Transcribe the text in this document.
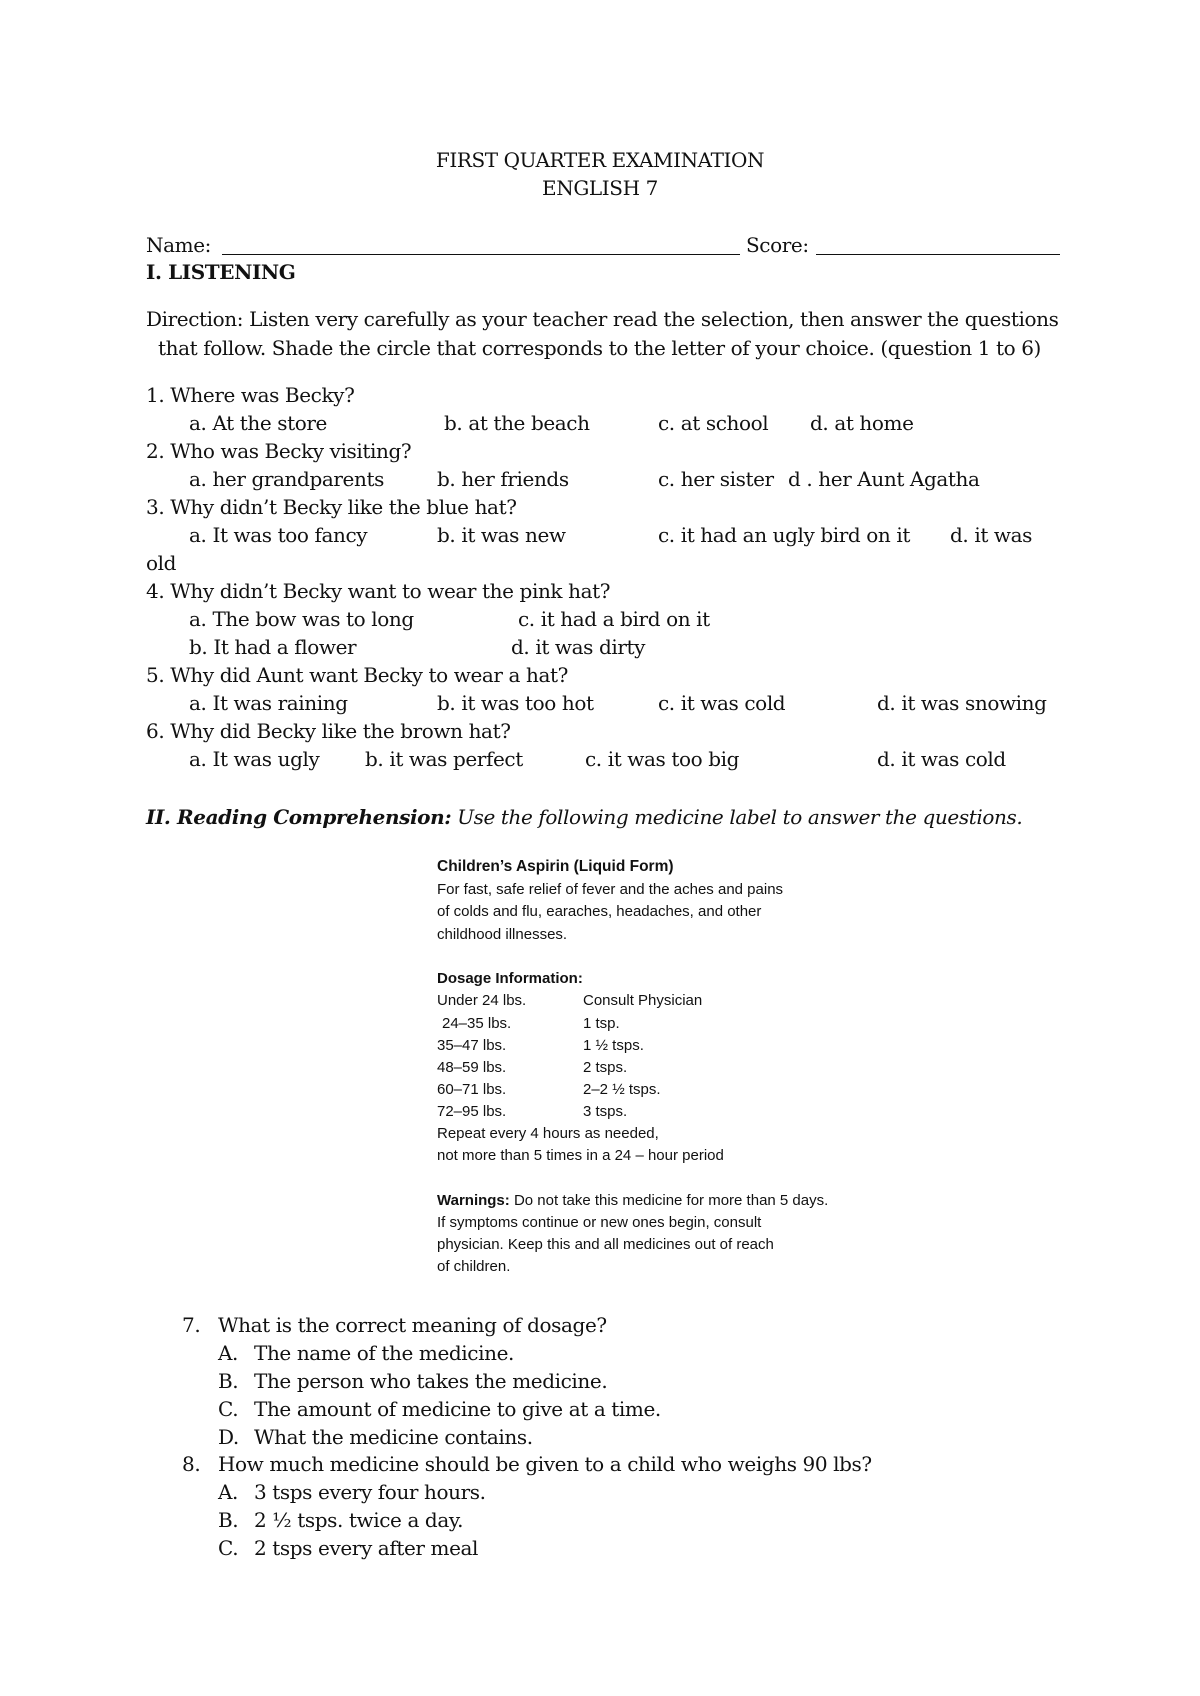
FIRST QUARTER EXAMINATION
ENGLISH 7
Name:	Score:
I. LISTENING
Direction: Listen very carefully as your teacher read the selection, then answer the questions
that follow. Shade the circle that corresponds to the letter of your choice. (question 1 to 6)
1. Where was Becky?
a. At the store	b. at the beach	c. at school d. at home
2. Who was Becky visiting?
a. her grandparents	b. her friends	c. her sister d . her Aunt Agatha
3. Why didn’t Becky like the blue hat?
a. It was too fancy	b. it was new	c. it had an ugly bird on it d. it was
old
4. Why didn’t Becky want to wear the pink hat?
a. The bow was to long	c. it had a bird on it
b. It had a flower	d. it was dirty
5. Why did Aunt want Becky to wear a hat?
a. It was raining	b. it was too hot	c. it was cold	d. it was snowing
6. Why did Becky like the brown hat?
a. It was ugly b. it was perfect	c. it was too big	d. it was cold
II. Reading Comprehension: Use the following medicine label to answer the questions.
Children’s Aspirin (Liquid Form)
For fast, safe relief of fever and the aches and pains
of colds and flu, earaches, headaches, and other
childhood illnesses.
Dosage Information:
Under 24 lbs.	Consult Physician
24–35 lbs.	1 tsp.
35–47 lbs.	1 ½ tsps.
48–59 lbs.	2 tsps.
60–71 lbs.	2–2 ½ tsps.
72–95 lbs.	3 tsps.
Repeat every 4 hours as needed,
not more than 5 times in a 24 – hour period
Warnings: Do not take this medicine for more than 5 days.
If symptoms continue or new ones begin, consult
physician. Keep this and all medicines out of reach
of children.
7. What is the correct meaning of dosage?
A. The name of the medicine.
B. The person who takes the medicine.
C. The amount of medicine to give at a time.
D. What the medicine contains.
8. How much medicine should be given to a child who weighs 90 lbs?
A. 3 tsps every four hours.
B. 2 ½ tsps. twice a day.
C. 2 tsps every after meal
